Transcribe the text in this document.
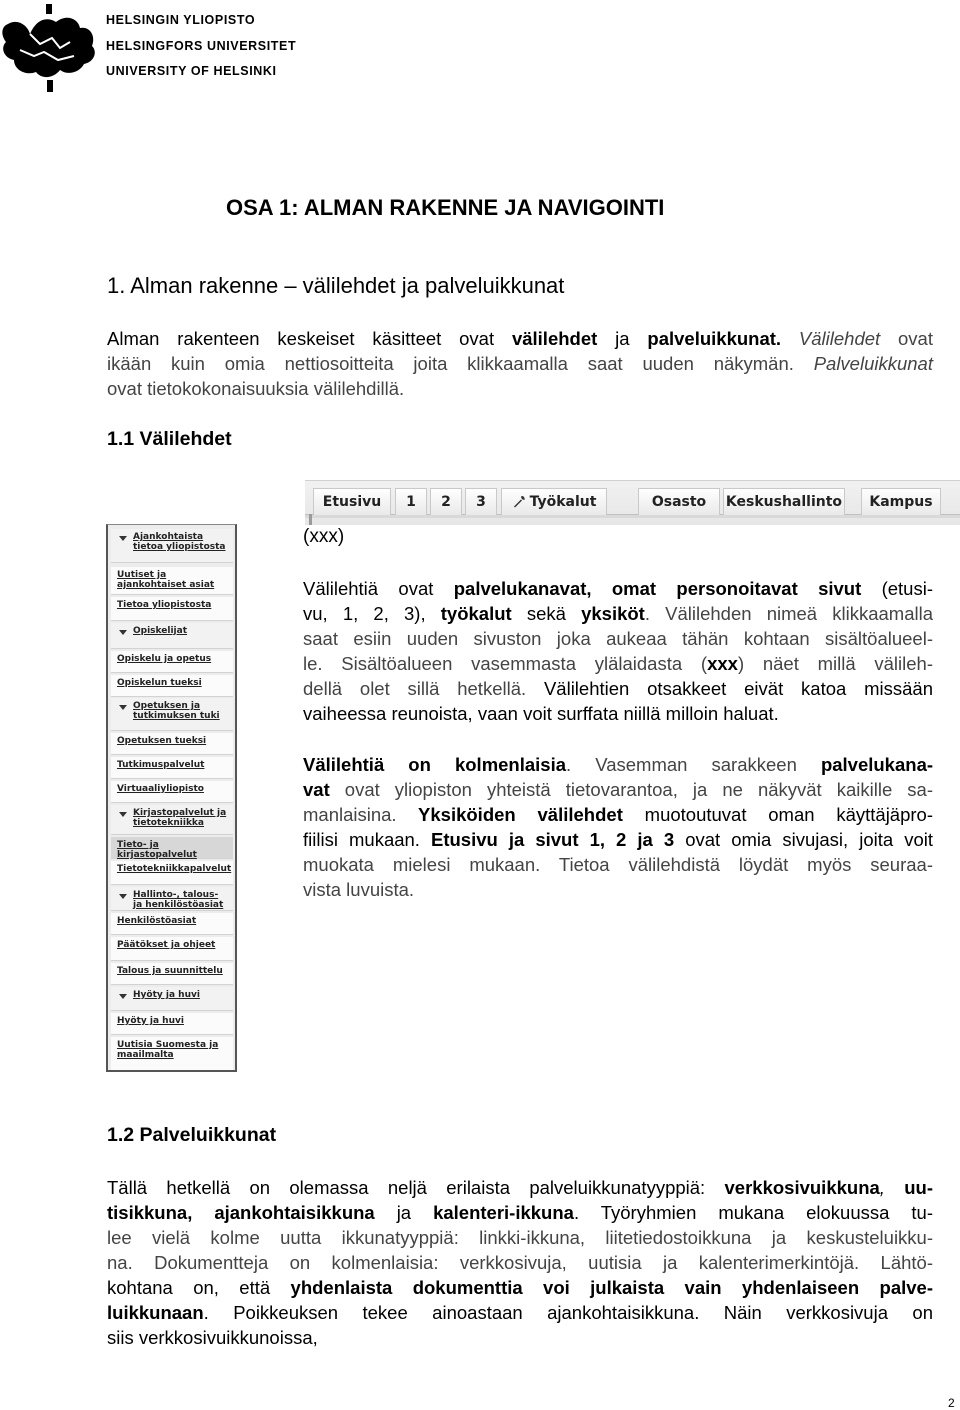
HELSINGIN YLIOPISTO
HELSINGFORS UNIVERSITET
UNIVERSITY OF HELSINKI
OSA 1: ALMAN RAKENNE JA NAVIGOINTI
1. Alman rakenne – välilehdet ja palveluikkunat
Alman rakenteen keskeiset käsitteet ovat välilehdet ja palveluikkunat. Välilehdet ovat
ikään kuin omia nettiosoitteita joita klikkaamalla saat uuden näkymän. Palveluikkunat
ovat tietokokonaisuuksia välilehdillä.
1.1 Välilehdet
Etusivu	1	2	3	Työkalut	Osasto	Keskushallinto	Kampus
Ajankohtaista tietoa yliopistosta
Uutiset ja ajankohtaiset asiat
Tietoa yliopistosta
Opiskelijat
Opiskelu ja opetus
Opiskelun tueksi
Opetuksen ja tutkimuksen tuki
Opetuksen tueksi
Tutkimuspalvelut
Virtuaaliyliopisto
Kirjastopalvelut ja tietotekniikka
Tieto- ja kirjastopalvelut
Tietotekniikkapalvelut
Hallinto-, talous- ja henkilöstöasiat
Henkilöstöasiat
Päätökset ja ohjeet
Talous ja suunnittelu
Hyöty ja huvi
Hyöty ja huvi
Uutisia Suomesta ja maailmalta
(xxx)
Välilehtiä ovat palvelukanavat, omat personoitavat sivut (etusi-
vu, 1, 2, 3), työkalut sekä yksiköt. Välilehden nimeä klikkaamalla
saat esiin uuden sivuston joka aukeaa tähän kohtaan sisältöalueel-
le. Sisältöalueen vasemmasta ylälaidasta (xxx) näet millä välileh-
dellä olet sillä hetkellä. Välilehtien otsakkeet eivät katoa missään
vaiheessa reunoista, vaan voit surffata niillä milloin haluat.
Välilehtiä on kolmenlaisia. Vasemman sarakkeen palvelukana-
vat ovat yliopiston yhteistä tietovarantoa, ja ne näkyvät kaikille sa-
manlaisina. Yksiköiden välilehdet muotoutuvat oman käyttäjäpro-
fiilisi mukaan. Etusivu ja sivut 1, 2 ja 3 ovat omia sivujasi, joita voit
muokata mielesi mukaan. Tietoa välilehdistä löydät myös seuraa-
vista luvuista.
1.2 Palveluikkunat
Tällä hetkellä on olemassa neljä erilaista palveluikkunatyyppiä: verkkosivuikkuna, uu-
tisikkuna, ajankohtaisikkuna ja kalenteri-ikkuna. Työryhmien mukana elokuussa tu-
lee vielä kolme uutta ikkunatyyppiä: linkki-ikkuna, liitetiedostoikkuna ja keskusteluikku-
na. Dokumentteja on kolmenlaisia: verkkosivuja, uutisia ja kalenterimerkintöjä. Lähtö-
kohtana on, että yhdenlaista dokumenttia voi julkaista vain yhdenlaiseen palve-
luikkunaan. Poikkeuksen tekee ainoastaan ajankohtaisikkuna. Näin verkkosivuja on
siis verkkosivuikkunoissa,
2
